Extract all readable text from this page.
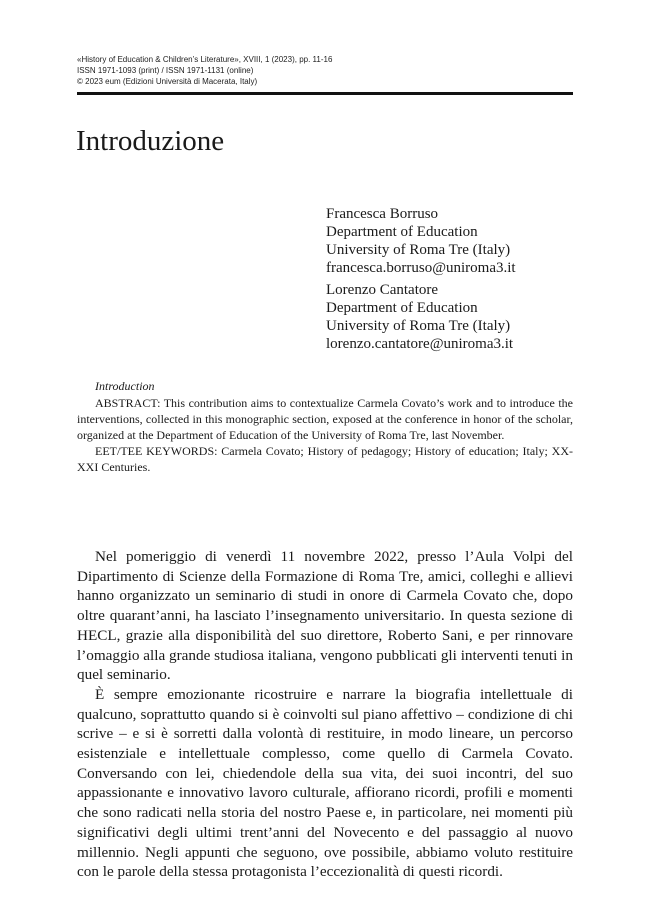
«History of Education & Children’s Literature», XVIII, 1 (2023), pp. 11-16
ISSN 1971-1093 (print) / ISSN 1971-1131 (online)
© 2023 eum (Edizioni Università di Macerata, Italy)
Introduzione
Francesca Borruso
Department of Education
University of Roma Tre (Italy)
francesca.borruso@uniroma3.it
Lorenzo Cantatore
Department of Education
University of Roma Tre (Italy)
lorenzo.cantatore@uniroma3.it
Introduction

ABSTRACT: This contribution aims to contextualize Carmela Covato’s work and to introduce the interventions, collected in this monographic section, exposed at the conference in honor of the scholar, organized at the Department of Education of the University of Roma Tre, last November.

EET/TEE KEYWORDS: Carmela Covato; History of pedagogy; History of education; Italy; XX-XXI Centuries.

Nel pomeriggio di venerdì 11 novembre 2022, presso l’Aula Volpi del Dipartimento di Scienze della Formazione di Roma Tre, amici, colleghi e allievi hanno organizzato un seminario di studi in onore di Carmela Covato che, dopo oltre quarant’anni, ha lasciato l’insegnamento universitario. In questa sezione di HECL, grazie alla disponibilità del suo direttore, Roberto Sani, e per rinnovare l’omaggio alla grande studiosa italiana, vengono pubblicati gli interventi tenuti in quel seminario.

È sempre emozionante ricostruire e narrare la biografia intellettuale di qualcuno, soprattutto quando si è coinvolti sul piano affettivo – condizione di chi scrive – e si è sorretti dalla volontà di restituire, in modo lineare, un percorso esistenziale e intellettuale complesso, come quello di Carmela Covato. Conversando con lei, chiedendole della sua vita, dei suoi incontri, del suo appassionante e innovativo lavoro culturale, affiorano ricordi, profili e momenti che sono radicati nella storia del nostro Paese e, in particolare, nei momenti più significativi degli ultimi trent’anni del Novecento e del passaggio al nuovo millennio. Negli appunti che seguono, ove possibile, abbiamo voluto restituire con le parole della stessa protagonista l’eccezionalità di questi ricordi.
